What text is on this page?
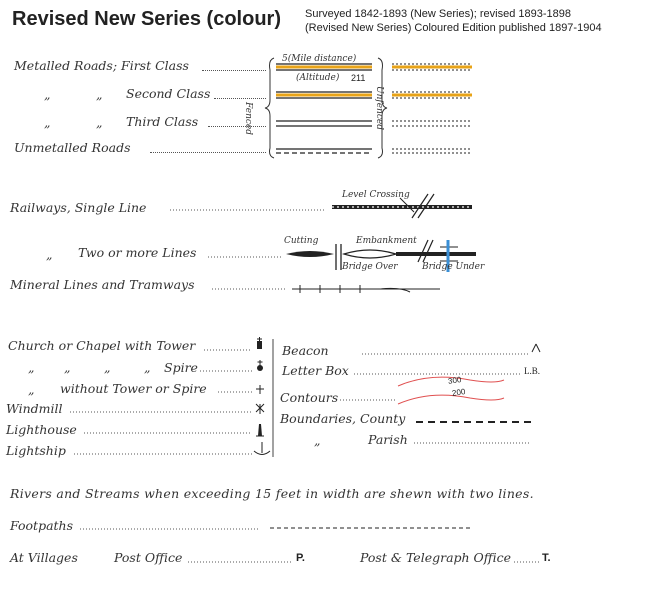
Revised New Series (colour) Surveyed 1842-1893 (New Series); revised 1893-1898
(Revised New Series) Coloured Edition published 1897-1904
Metalled Roads; First Class
„	„ Second Class
„	„ Third Class
Unmetalled Roads
5(Mile distance)
(Altitude) 211
Fenced	Unfenced
Railways, Single Line
Level Crossing
„ Two or more Lines
Cutting	Embankment
Bridge Over	Bridge Under
Mineral Lines and Tramways
Church or Chapel with Tower
„ „	„	„ Spire
„ without Tower or Spire
Windmill
Lighthouse
Lightship
Beacon
Letter Box	L.B.
Contours
300
200
Boundaries, County
„	Parish
Rivers and Streams when exceeding 15 feet in width are shewn with two lines.
Footpaths
At Villages	Post Office	P.	Post & Telegraph Office	T.
